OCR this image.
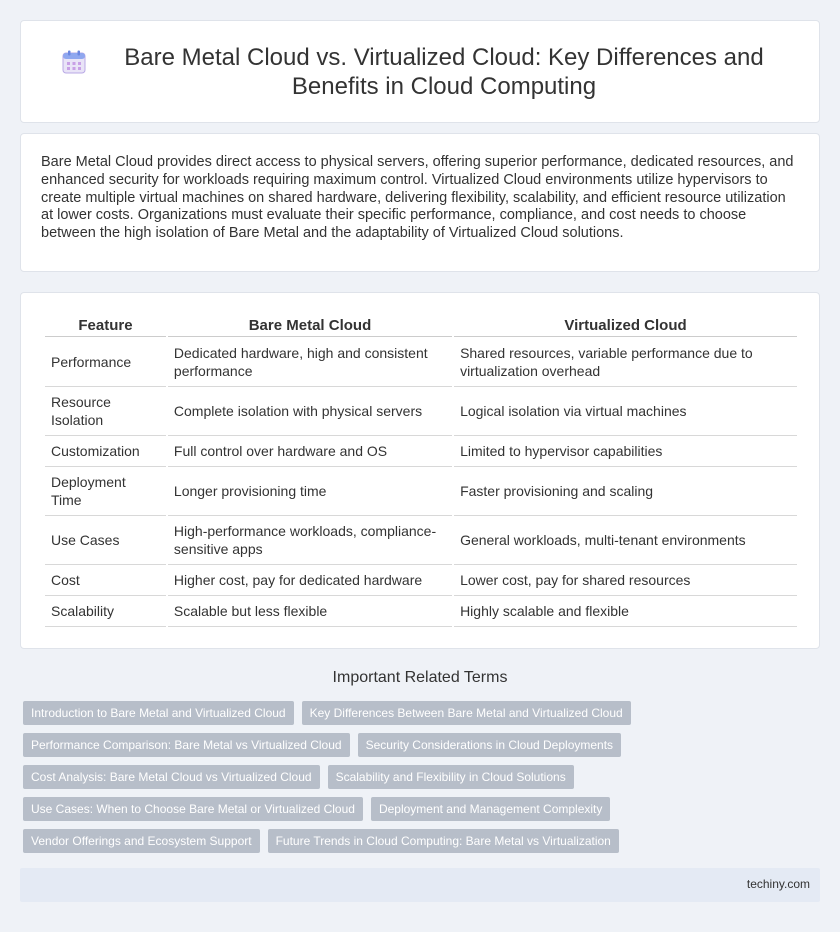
Bare Metal Cloud vs. Virtualized Cloud: Key Differences and Benefits in Cloud Computing

Bare Metal Cloud provides direct access to physical servers, offering superior performance, dedicated resources, and enhanced security for workloads requiring maximum control. Virtualized Cloud environments utilize hypervisors to create multiple virtual machines on shared hardware, delivering flexibility, scalability, and efficient resource utilization at lower costs. Organizations must evaluate their specific performance, compliance, and cost needs to choose between the high isolation of Bare Metal and the adaptability of Virtualized Cloud solutions.

Feature	Bare Metal Cloud	Virtualized Cloud
Performance	Dedicated hardware, high and consistent performance	Shared resources, variable performance due to virtualization overhead
Resource Isolation	Complete isolation with physical servers	Logical isolation via virtual machines
Customization	Full control over hardware and OS	Limited to hypervisor capabilities
Deployment Time	Longer provisioning time	Faster provisioning and scaling
Use Cases	High-performance workloads, compliance-sensitive apps	General workloads, multi-tenant environments
Cost	Higher cost, pay for dedicated hardware	Lower cost, pay for shared resources
Scalability	Scalable but less flexible	Highly scalable and flexible
Important Related Terms
Introduction to Bare Metal and Virtualized Cloud	Key Differences Between Bare Metal and Virtualized Cloud
Performance Comparison: Bare Metal vs Virtualized Cloud	Security Considerations in Cloud Deployments
Cost Analysis: Bare Metal Cloud vs Virtualized Cloud	Scalability and Flexibility in Cloud Solutions
Use Cases: When to Choose Bare Metal or Virtualized Cloud	Deployment and Management Complexity
Vendor Offerings and Ecosystem Support	Future Trends in Cloud Computing: Bare Metal vs Virtualization
techiny.com
